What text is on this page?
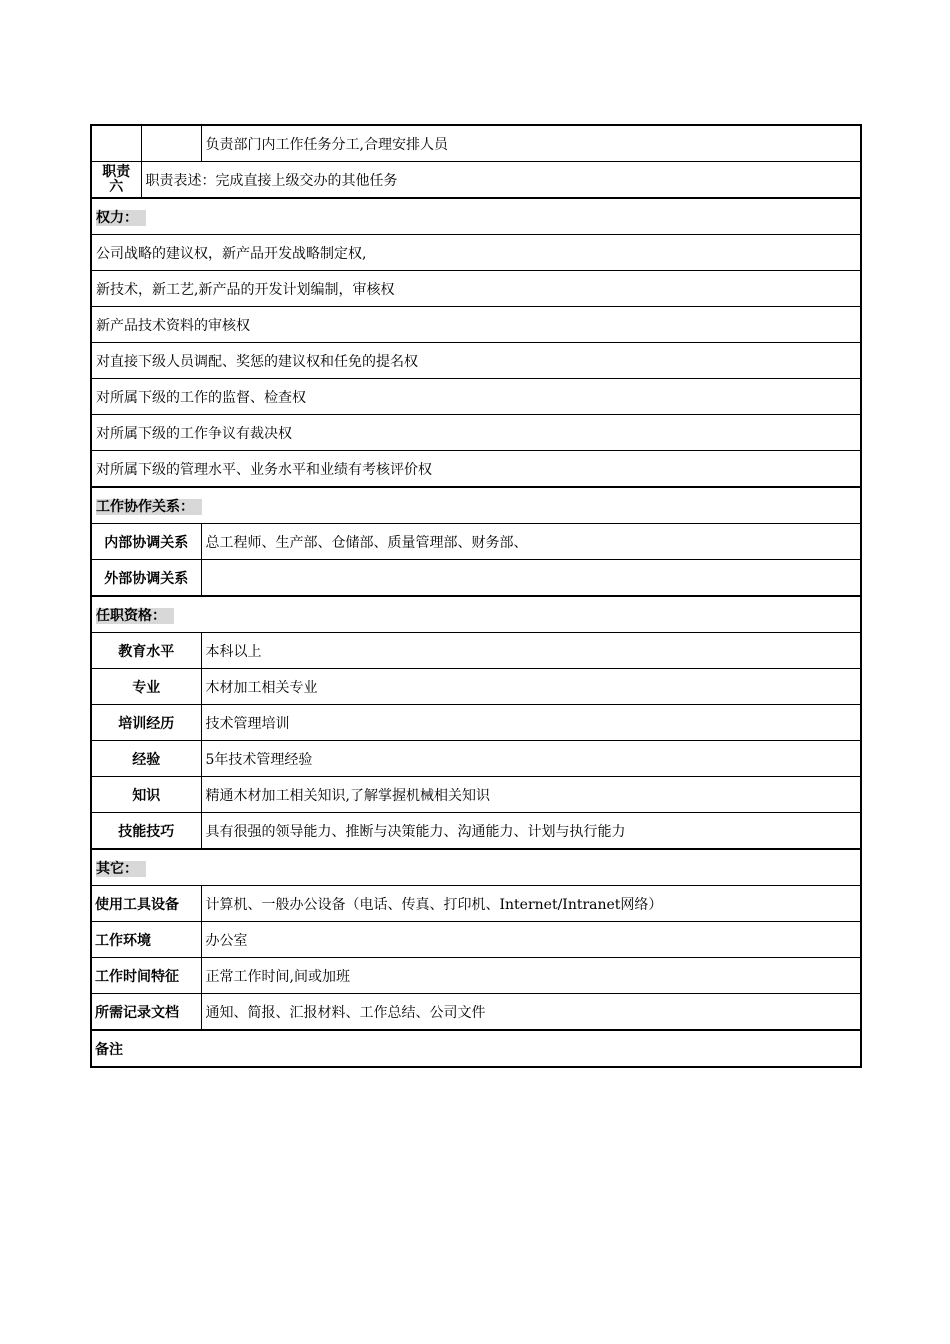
		负责部门内工作任务分工,合理安排人员

职责
六	职责表述：完成直接上级交办的其他任务	
权力：		
公司战略的建议权，新产品开发战略制定权,		
新技术，新工艺,新产品的开发计划编制，审核权		
新产品技术资料的审核权		
对直接下级人员调配、奖惩的建议权和任免的提名权		
对所属下级的工作的监督、检查权		
对所属下级的工作争议有裁决权		
对所属下级的管理水平、业务水平和业绩有考核评价权		
工作协作关系：		
内部协调关系		总工程师、生产部、仓储部、质量管理部、财务部、
外部协调关系		
任职资格：		
教育水平		本科以上
专业		木材加工相关专业
培训经历		技术管理培训
经验		5年技术管理经验
知识		精通木材加工相关知识,了解掌握机械相关知识
技能技巧		具有很强的领导能力、推断与决策能力、沟通能力、计划与执行能力
其它：		
使用工具设备		计算机、一般办公设备（电话、传真、打印机、Internet/Intranet网络）
工作环境		办公室
工作时间特征		正常工作时间,间或加班
所需记录文档		通知、简报、汇报材料、工作总结、公司文件
备注		
